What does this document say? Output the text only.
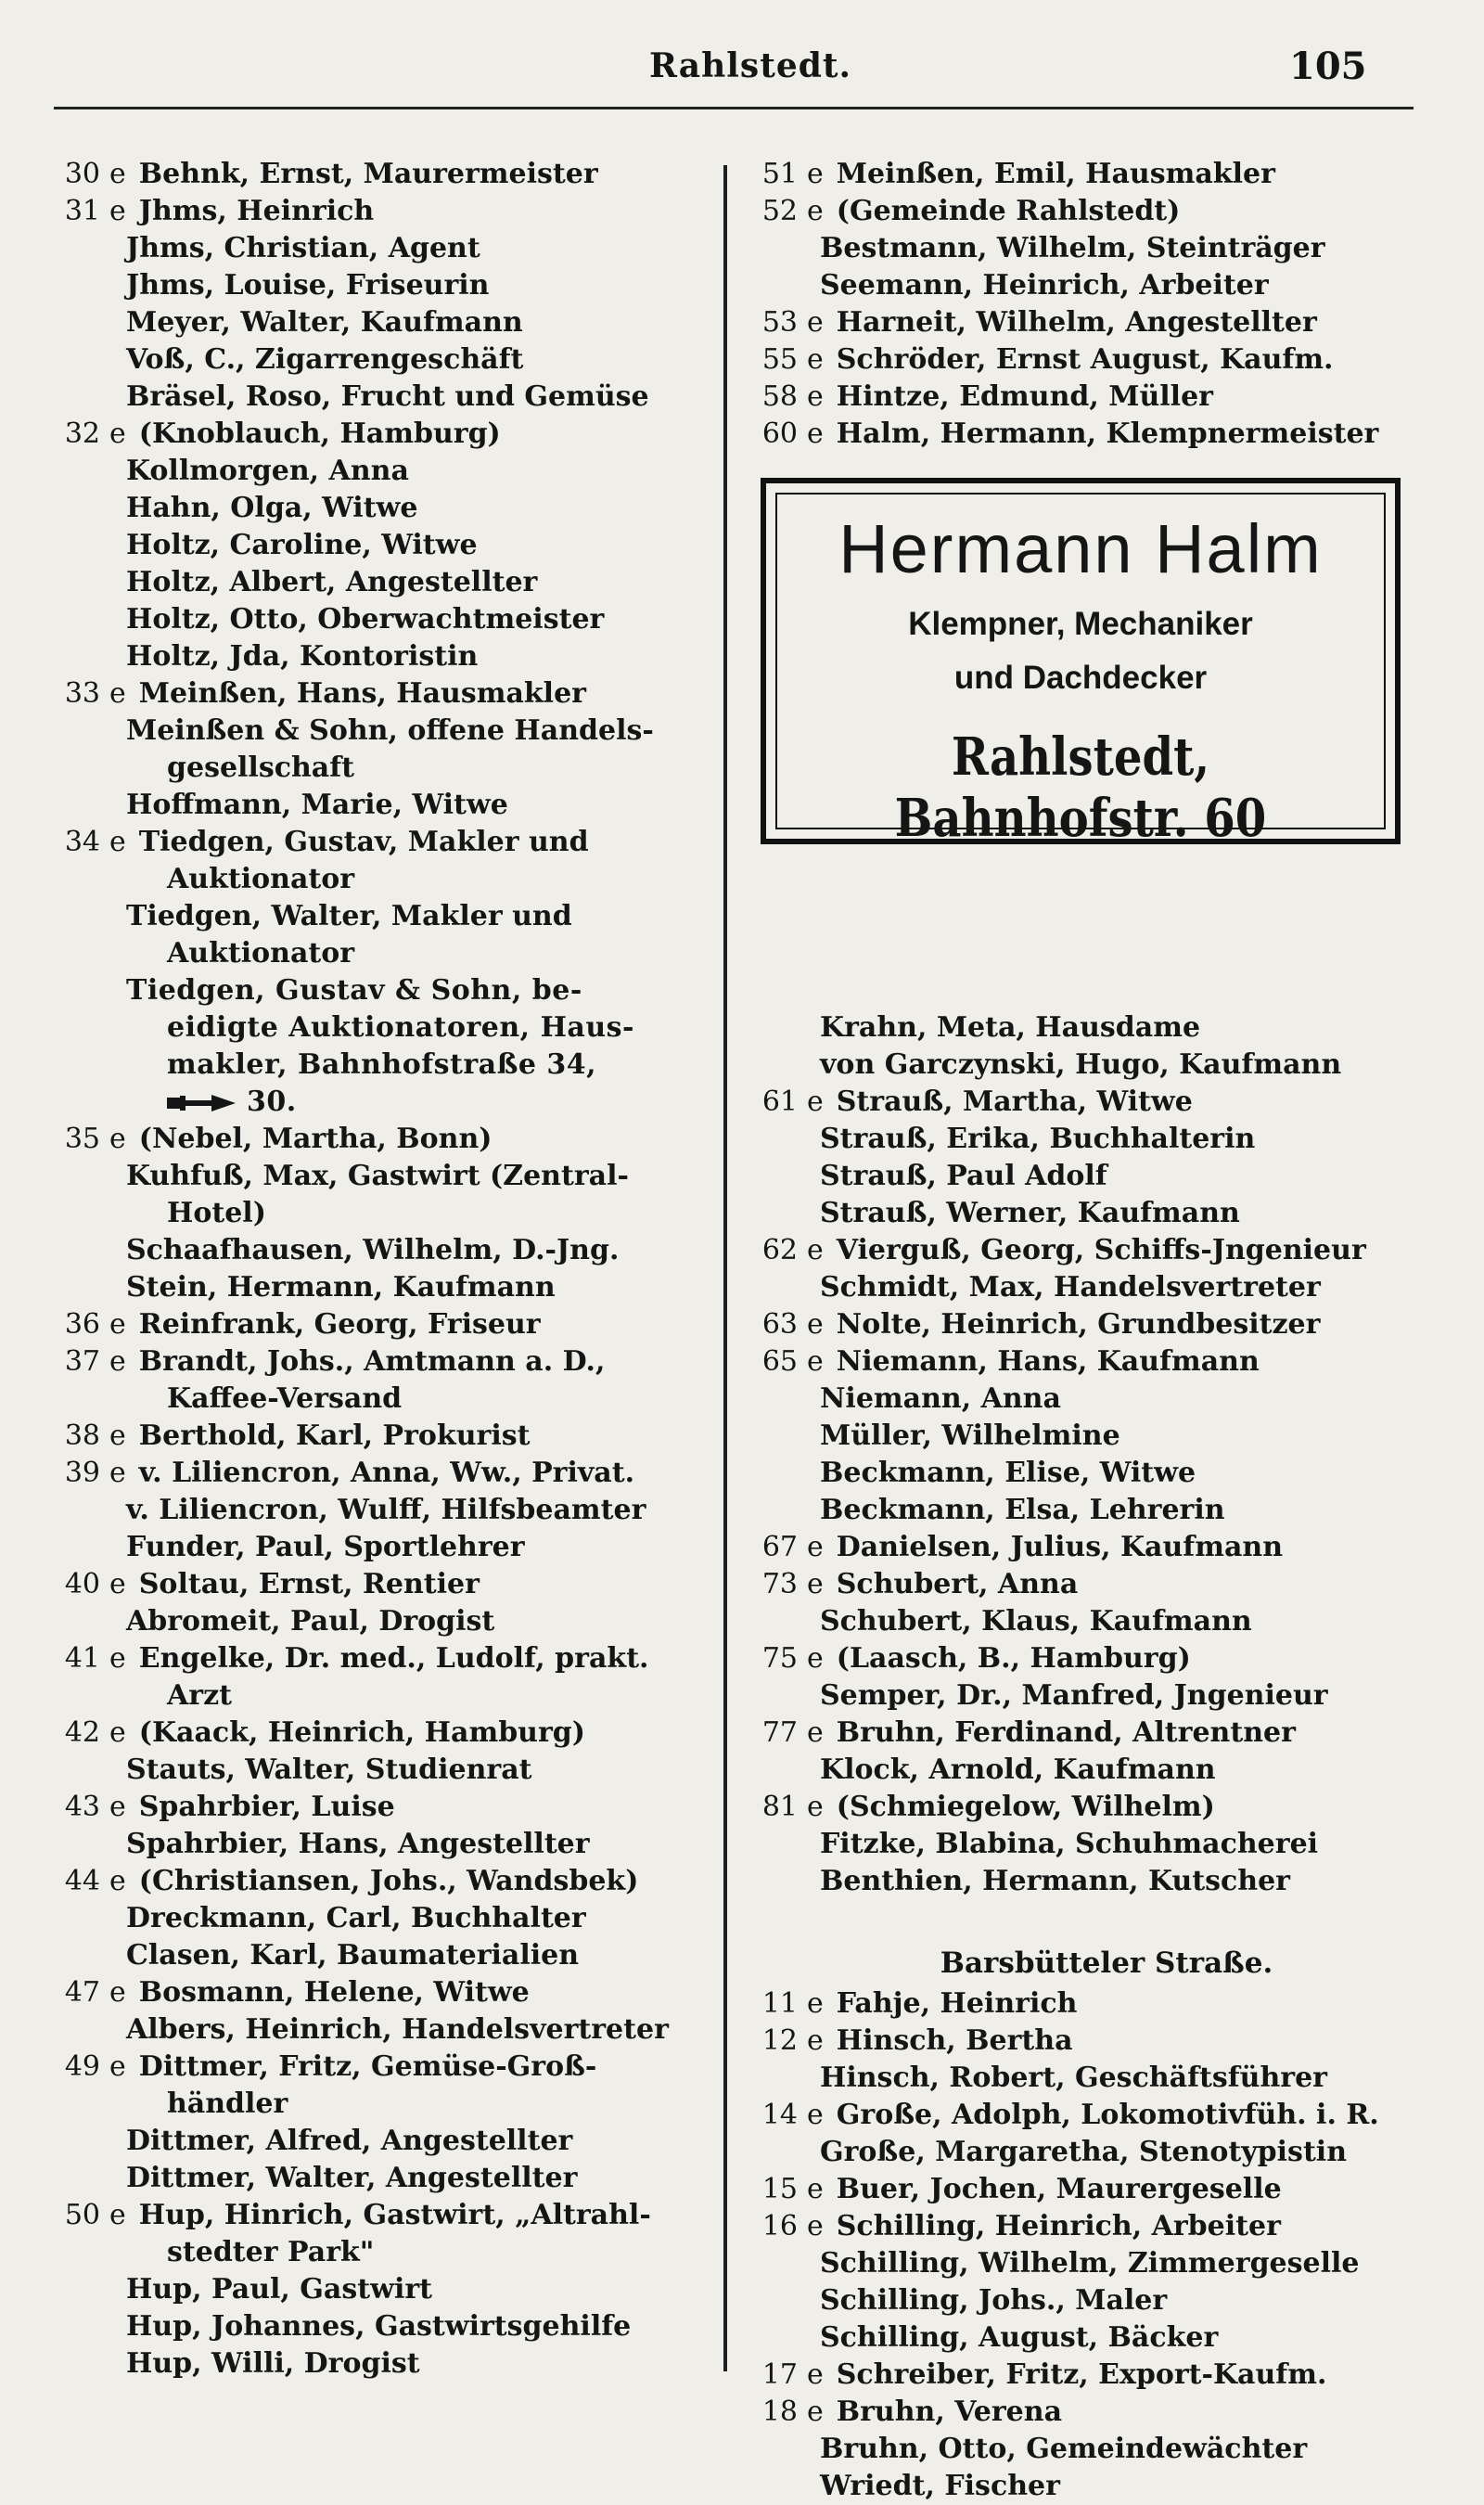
Rahlstedt.	105
30 e Behnk, Ernst, Maurermeister
31 e Jhms, Heinrich
Jhms, Christian, Agent
Jhms, Louise, Friseurin
Meyer, Walter, Kaufmann
Voß, C., Zigarrengeschäft
Bräsel, Roso, Frucht und Gemüse
32 e (Knoblauch, Hamburg)
Kollmorgen, Anna
Hahn, Olga, Witwe
Holtz, Caroline, Witwe
Holtz, Albert, Angestellter
Holtz, Otto, Oberwachtmeister
Holtz, Jda, Kontoristin
33 e Meinßen, Hans, Hausmakler
Meinßen & Sohn, offene Handels-
gesellschaft
Hoffmann, Marie, Witwe
34 e Tiedgen, Gustav, Makler und
Auktionator
Tiedgen, Walter, Makler und
Auktionator
Tiedgen, Gustav & Sohn, be-
eidigte Auktionatoren, Haus-
makler, Bahnhofstraße 34,
30.
35 e (Nebel, Martha, Bonn)
Kuhfuß, Max, Gastwirt (Zentral-
Hotel)
Schaafhausen, Wilhelm, D.-Jng.
Stein, Hermann, Kaufmann
36 e Reinfrank, Georg, Friseur
37 e Brandt, Johs., Amtmann a. D.,
Kaffee-Versand
38 e Berthold, Karl, Prokurist
39 e v. Liliencron, Anna, Ww., Privat.
v. Liliencron, Wulff, Hilfsbeamter
Funder, Paul, Sportlehrer
40 e Soltau, Ernst, Rentier
Abromeit, Paul, Drogist
41 e Engelke, Dr. med., Ludolf, prakt.
Arzt
42 e (Kaack, Heinrich, Hamburg)
Stauts, Walter, Studienrat
43 e Spahrbier, Luise
Spahrbier, Hans, Angestellter
44 e (Christiansen, Johs., Wandsbek)
Dreckmann, Carl, Buchhalter
Clasen, Karl, Baumaterialien
47 e Bosmann, Helene, Witwe
Albers, Heinrich, Handelsvertreter
49 e Dittmer, Fritz, Gemüse-Groß-
händler
Dittmer, Alfred, Angestellter
Dittmer, Walter, Angestellter
50 e Hup, Hinrich, Gastwirt, „Altrahl-
stedter Park"
Hup, Paul, Gastwirt
Hup, Johannes, Gastwirtsgehilfe
Hup, Willi, Drogist
51 e Meinßen, Emil, Hausmakler
52 e (Gemeinde Rahlstedt)
Bestmann, Wilhelm, Steinträger
Seemann, Heinrich, Arbeiter
53 e Harneit, Wilhelm, Angestellter
55 e Schröder, Ernst August, Kaufm.
58 e Hintze, Edmund, Müller
60 e Halm, Hermann, Klempnermeister
Krahn, Meta, Hausdame
von Garczynski, Hugo, Kaufmann
61 e Strauß, Martha, Witwe
Strauß, Erika, Buchhalterin
Strauß, Paul Adolf
Strauß, Werner, Kaufmann
62 e Vierguß, Georg, Schiffs-Jngenieur
Schmidt, Max, Handelsvertreter
63 e Nolte, Heinrich, Grundbesitzer
65 e Niemann, Hans, Kaufmann
Niemann, Anna
Müller, Wilhelmine
Beckmann, Elise, Witwe
Beckmann, Elsa, Lehrerin
67 e Danielsen, Julius, Kaufmann
73 e Schubert, Anna
Schubert, Klaus, Kaufmann
75 e (Laasch, B., Hamburg)
Semper, Dr., Manfred, Jngenieur
77 e Bruhn, Ferdinand, Altrentner
Klock, Arnold, Kaufmann
81 e (Schmiegelow, Wilhelm)
Fitzke, Blabina, Schuhmacherei
Benthien, Hermann, Kutscher
Barsbütteler Straße.
11 e Fahje, Heinrich
12 e Hinsch, Bertha
Hinsch, Robert, Geschäftsführer
14 e Große, Adolph, Lokomotivfüh. i. R.
Große, Margaretha, Stenotypistin
15 e Buer, Jochen, Maurergeselle
16 e Schilling, Heinrich, Arbeiter
Schilling, Wilhelm, Zimmergeselle
Schilling, Johs., Maler
Schilling, August, Bäcker
17 e Schreiber, Fritz, Export-Kaufm.
18 e Bruhn, Verena
Bruhn, Otto, Gemeindewächter
Wriedt, Fischer
Hermann Halm
Klempner, Mechaniker
und Dachdecker
Rahlstedt, Bahnhofstr. 60
